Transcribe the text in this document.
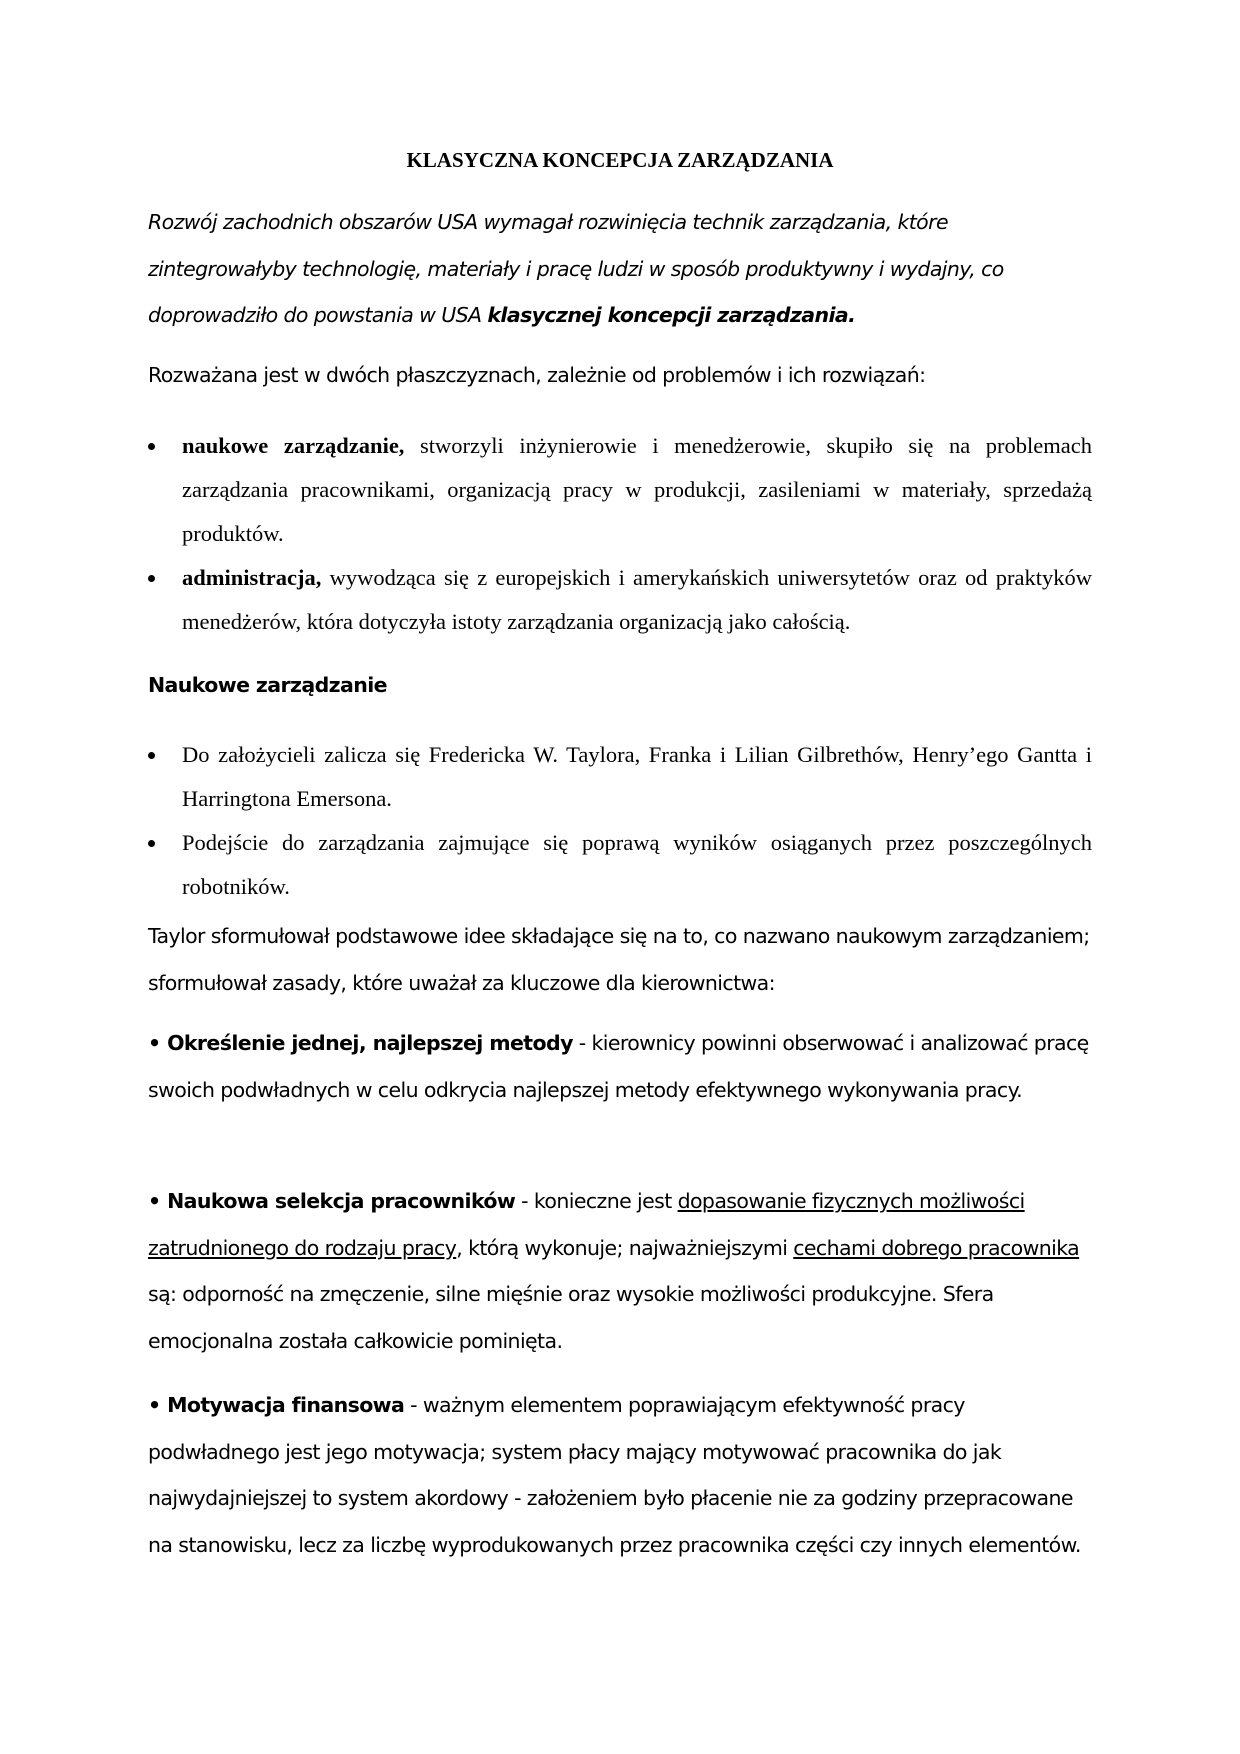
KLASYCZNA KONCEPCJA ZARZĄDZANIA

Rozwój zachodnich obszarów USA wymagał rozwinięcia technik zarządzania, które zintegrowałyby technologię, materiały i pracę ludzi w sposób produktywny i wydajny, co doprowadziło do powstania w USA klasycznej koncepcji zarządzania.

Rozważana jest w dwóch płaszczyznach, zależnie od problemów i ich rozwiązań:

naukowe zarządzanie, stworzyli inżynierowie i menedżerowie, skupiło się na problemach zarządzania pracownikami, organizacją pracy w produkcji, zasileniami w materiały, sprzedażą produktów.
administracja, wywodząca się z europejskich i amerykańskich uniwersytetów oraz od praktyków menedżerów, która dotyczyła istoty zarządzania organizacją jako całością.
Naukowe zarządzanie
Do założycieli zalicza się Fredericka W. Taylora, Franka i Lilian Gilbrethów, Henry’ego Gantta i Harringtona Emersona.
Podejście do zarządzania zajmujące się poprawą wyników osiąganych przez poszczególnych robotników.

Taylor sformułował podstawowe idee składające się na to, co nazwano naukowym zarządzaniem; sformułował zasady, które uważał za kluczowe dla kierownictwa:

• Określenie jednej, najlepszej metody - kierownicy powinni obserwować i analizować pracę swoich podwładnych w celu odkrycia najlepszej metody efektywnego wykonywania pracy.

• Naukowa selekcja pracowników - konieczne jest dopasowanie fizycznych możliwości zatrudnionego do rodzaju pracy, którą wykonuje; najważniejszymi cechami dobrego pracownika są: odporność na zmęczenie, silne mięśnie oraz wysokie możliwości produkcyjne. Sfera emocjonalna została całkowicie pominięta.

• Motywacja finansowa - ważnym elementem poprawiającym efektywność pracy podwładnego jest jego motywacja; system płacy mający motywować pracownika do jak najwydajniejszej to system akordowy - założeniem było płacenie nie za godziny przepracowane na stanowisku, lecz za liczbę wyprodukowanych przez pracownika części czy innych elementów.
